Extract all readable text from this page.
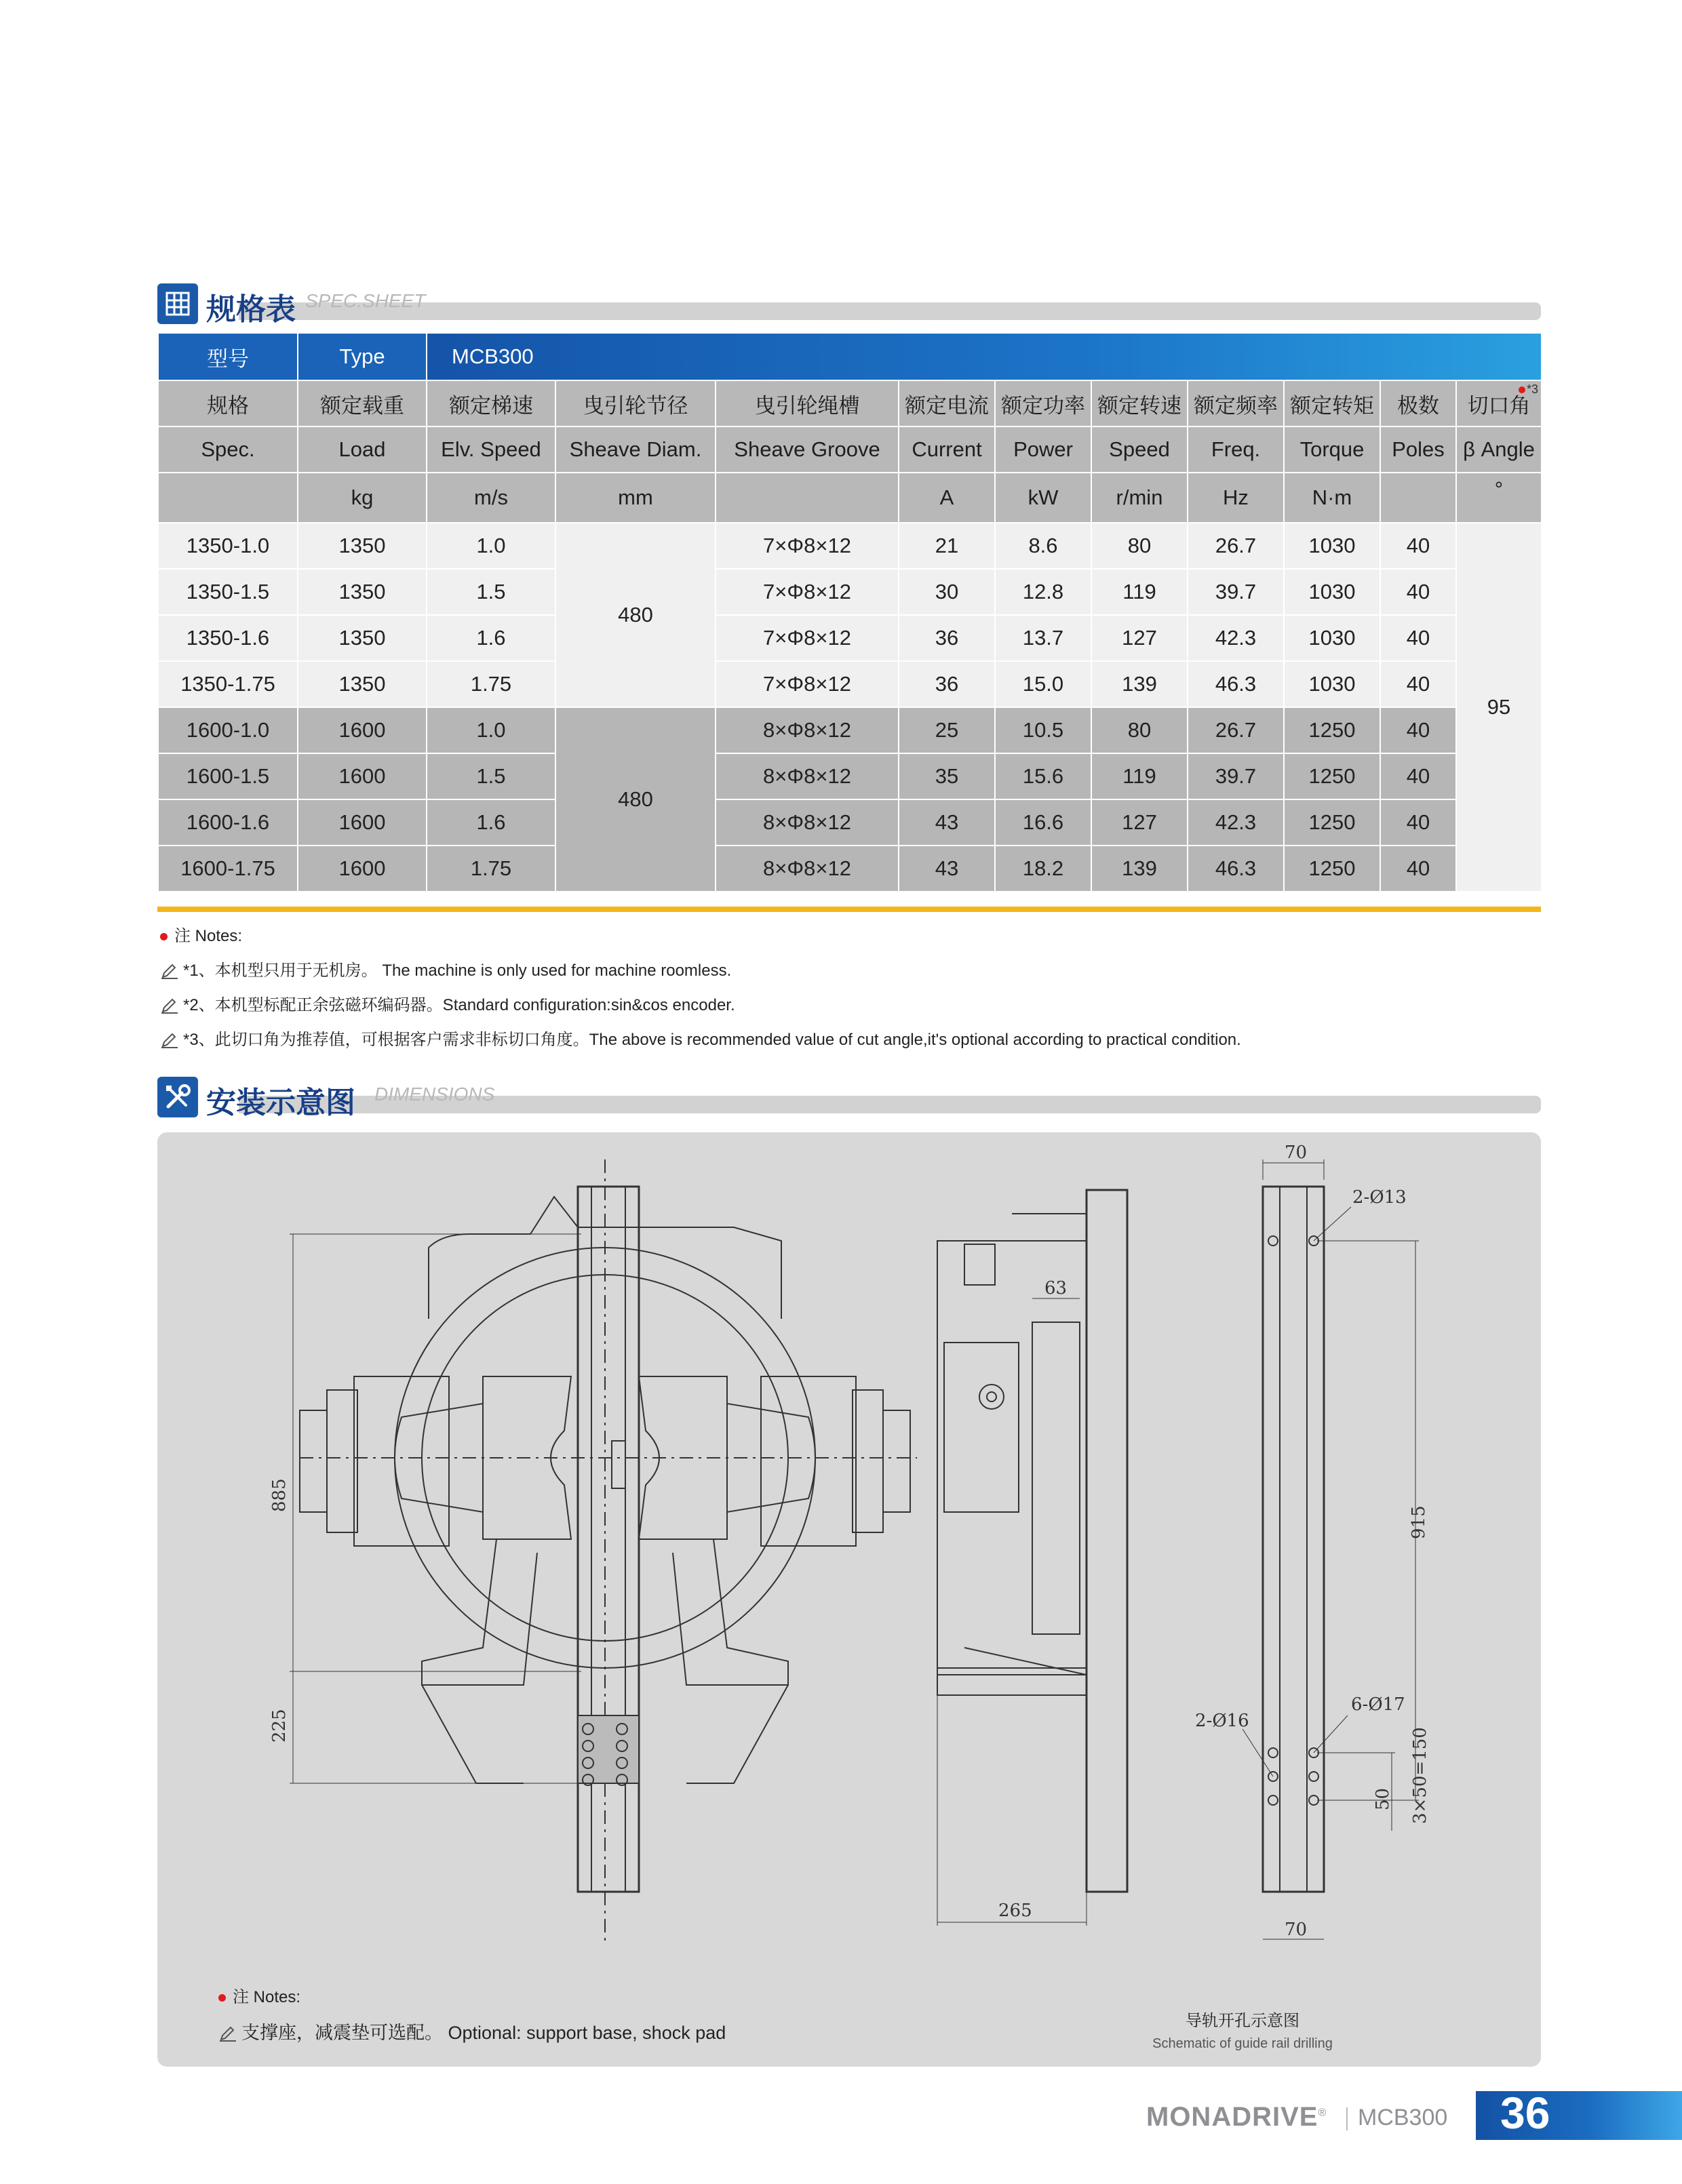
规格表 SPEC.SHEET
型号	Type	MCB300									
规格	额定载重	额定梯速	曳引轮节径	曳引轮绳槽	额定电流	额定功率	额定转速	额定频率	额定转矩	极数	切口角
*3

Spec.	Load	Elv. Speed	Sheave Diam.	Sheave Groove	Current	Power	Speed	Freq.	Torque	Poles	β Angle
	kg	m/s	mm		A	kW	r/min	Hz	N·m		°
1350-1.0	1350	1.0	480	7×Φ8×12	21	8.6	80	26.7	1030	40	95
1350-1.5	1350	1.5		7×Φ8×12	30	12.8	119	39.7	1030	40	
1350-1.6	1350	1.6		7×Φ8×12	36	13.7	127	42.3	1030	40	
1350-1.75	1350	1.75		7×Φ8×12	36	15.0	139	46.3	1030	40	
1600-1.0	1600	1.0	480	8×Φ8×12	25	10.5	80	26.7	1250	40	
1600-1.5	1600	1.5		8×Φ8×12	35	15.6	119	39.7	1250	40	
1600-1.6	1600	1.6		8×Φ8×12	43	16.6	127	42.3	1250	40	
1600-1.75	1600	1.75		8×Φ8×12	43	18.2	139	46.3	1250	40	
注 Notes:
*1、本机型只用于无机房。 The machine is only used for machine roomless.
*2、本机型标配正余弦磁环编码器。Standard configuration:sin&cos encoder.
*3、此切口角为推荐值，可根据客户需求非标切口角度。The above is recommended value of cut angle,it's optional according to practical condition.
安装示意图 DIMENSIONS
885
225
63
265
70
70
2-Ø13
6-Ø17
2-Ø16
915
3×50=150
50
注 Notes:
支撑座，减震垫可选配。 Optional: support base, shock pad
导轨开孔示意图
Schematic of guide rail drilling
MONADRIVE® MCB300 36
